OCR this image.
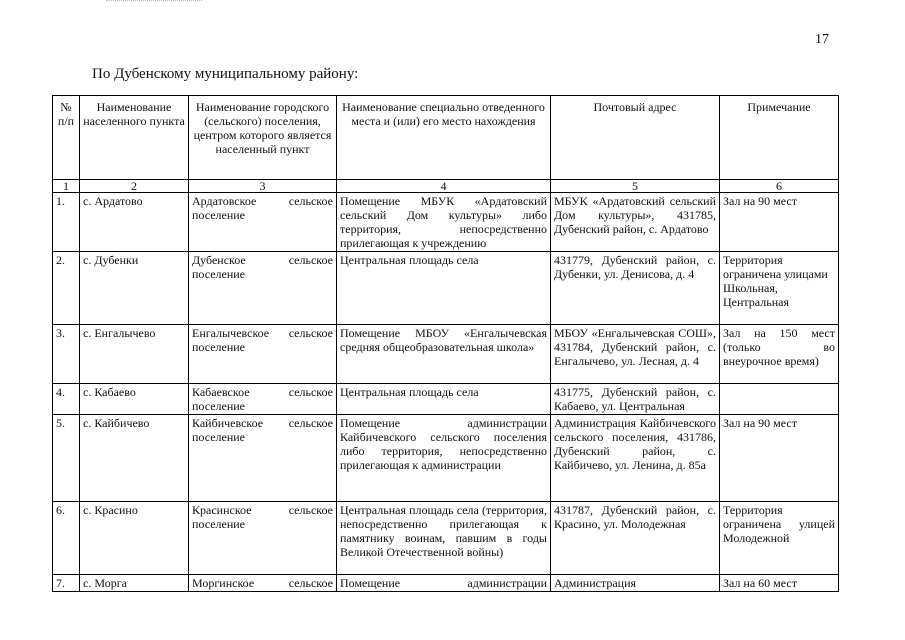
17
По Дубенскому муниципальному району:
№ п/п	Наименование населенного пункта	Наименование городского (сельского) поселения, центром которого является населенный пункт	Наименование специально отведенного места и (или) его место нахождения	Почтовый адрес	Примечание
1	2	3	4	5	6
1.	с. Ардатово	Ардатовское сельское поселение	Помещение МБУК «Ардатовский сельский Дом культуры» либо территория, непосредственно прилегающая к учреждению	МБУК «Ардатовский сельский Дом культуры», 431785, Дубенский район, с. Ардатово	Зал на 90 мест
2.	с. Дубенки	Дубенское сельское поселение	Центральная площадь села	431779, Дубенский район, с. Дубенки, ул. Денисова, д. 4	Территория ограничена улицами Школьная, Центральная
3.	с. Енгалычево	Енгалычевское сельское поселение	Помещение МБОУ «Енгалычевская средняя общеобразовательная школа»	МБОУ «Енгалычевская СОШ», 431784, Дубенский район, с. Енгалычево, ул. Лесная, д. 4	Зал на 150 мест (только во внеурочное время)
4.	с. Кабаево	Кабаевское сельское поселение	Центральная площадь села	431775, Дубенский район, с. Кабаево, ул. Центральная	
5.	с. Кайбичево	Кайбичевское сельское поселение	Помещение администрации Кайбичевского сельского поселения либо территория, непосредственно прилегающая к администрации	Администрация Кайбичевского сельского поселения, 431786, Дубенский район, с. Кайбичево, ул. Ленина, д. 85а	Зал на 90 мест
6.	с. Красино	Красинское сельское поселение	Центральная площадь села (территория, непосредственно прилегающая к памятнику воинам, павшим в годы Великой Отечественной войны)	431787, Дубенский район, с. Красино, ул. Молодежная	Территория ограничена улицей Молодежной
7.	с. Морга	Моргинское сельское	Помещение администрации	Администрация	Зал на 60 мест
